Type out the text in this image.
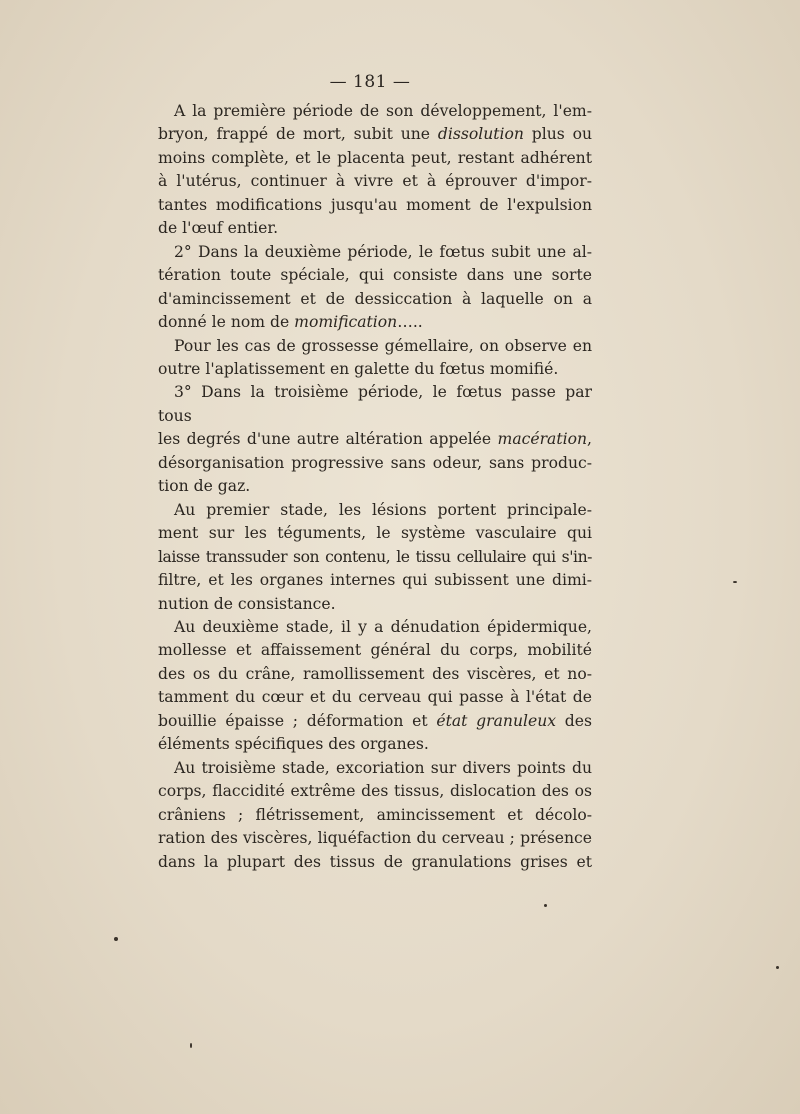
— 181 —

A la première période de son développement, l'em-

bryon, frappé de mort, subit une dissolution plus ou

moins complète, et le placenta peut, restant adhérent

à l'utérus, continuer à vivre et à éprouver d'impor-

tantes modifications jusqu'au moment de l'expulsion

de l'œuf entier.

2° Dans la deuxième période, le fœtus subit une al-

tération toute spéciale, qui consiste dans une sorte

d'amincissement et de dessiccation à laquelle on a

donné le nom de momification…..

Pour les cas de grossesse gémellaire, on observe en

outre l'aplatissement en galette du fœtus momifié.

3° Dans la troisième période, le fœtus passe par tous

les degrés d'une autre altération appelée macération,

désorganisation progressive sans odeur, sans produc-

tion de gaz.

Au premier stade, les lésions portent principale-

ment sur les téguments, le système vasculaire qui

laisse transsuder son contenu, le tissu cellulaire qui s'in-

filtre, et les organes internes qui subissent une dimi-

nution de consistance.

Au deuxième stade, il y a dénudation épidermique,

mollesse et affaissement général du corps, mobilité

des os du crâne, ramollissement des viscères, et no-

tamment du cœur et du cerveau qui passe à l'état de

bouillie épaisse ; déformation et état granuleux des

éléments spécifiques des organes.

Au troisième stade, excoriation sur divers points du

corps, flaccidité extrême des tissus, dislocation des os

crâniens ; flétrissement, amincissement et décolo-

ration des viscères, liquéfaction du cerveau ; présence

dans la plupart des tissus de granulations grises et
